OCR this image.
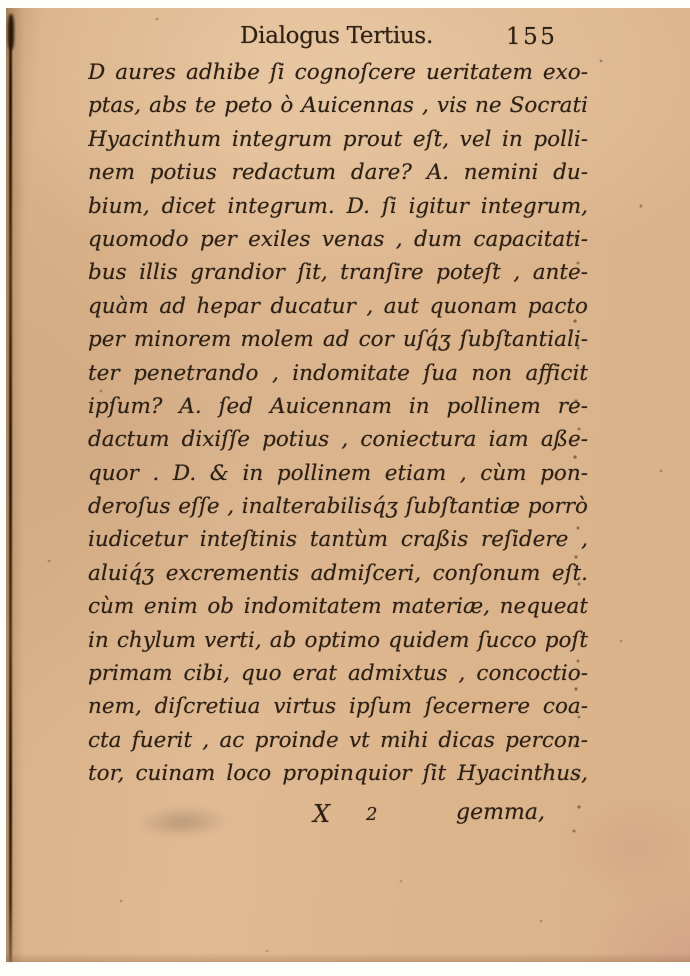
Dialogus Tertius.	155
D aures adhibe ſi cognoſcere ueritatem exo-
ptas, abs te peto ò Auicennas , vis ne Socrati
Hyacinthum integrum prout eſt, vel in polli-
nem potius redactum dare? A. nemini du-
bium, dicet integrum. D. ſi igitur integrum,
quomodo per exiles venas , dum capacitati-
bus illis grandior ſit, tranſire poteſt , ante-
quàm ad hepar ducatur , aut quonam pacto
per minorem molem ad cor uſq́ʒ ſubſtantiali-
ter penetrando , indomitate ſua non afficit
ipſum? A. ſed Auicennam in pollinem re-
dactum dixiſſe potius , coniectura iam aße-
quor . D. & in pollinem etiam , cùm pon-
deroſus eſſe , inalterabilisq́ʒ ſubſtantiæ porrò
iudicetur inteſtinis tantùm craßis reſidere ,
aluiq́ʒ excrementis admiſceri, conſonum eſt.
cùm enim ob indomitatem materiæ, nequeat
in chylum verti, ab optimo quidem ſucco poſt
primam cibi, quo erat admixtus , concoctio-
nem, diſcretiua virtus ipſum ſecernere coa-
cta fuerit , ac proinde vt mihi dicas percon-
tor, cuinam loco propinquior ſit Hyacinthus,
X 2	gemma,
